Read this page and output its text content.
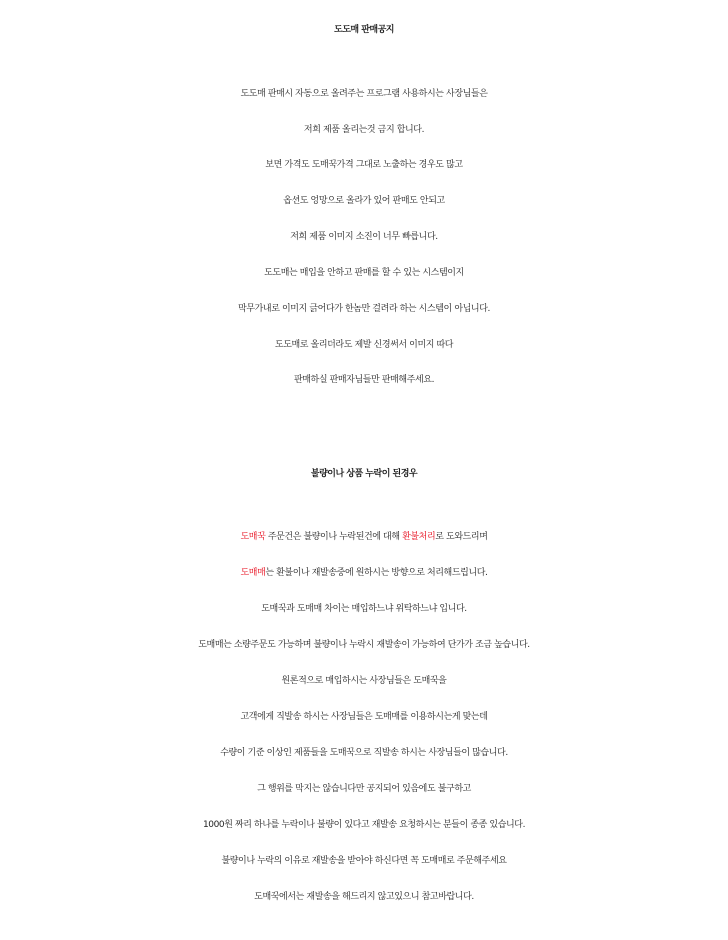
도도매 판매공지
도도매 판매시 자동으로 올려주는 프로그램 사용하시는 사장님들은
저희 제품 올리는것 금지 합니다.
보면 가격도 도매꾹가격 그대로 노출하는 경우도 많고
옵션도 엉망으로 올라가 있어 판매도 안되고
저희 제품 이미지 소진이 너무 빠릅니다.
도도매는 매입을 안하고 판매를 할 수 있는 시스템이지
막무가내로 이미지 긁어다가 한놈만 걸려라 하는 시스템이 아닙니다.
도도매로 올리더라도 제발 신경써서 이미지 따다
판매하실 판매자님들만 판매해주세요.
불량이나 상품 누락이 된경우
도매꾹 주문건은 불량이나 누락된건에 대해 환불처리로 도와드리며
도매매는 환불이나 재발송중에 원하시는 방향으로 처리해드립니다.
도매꾹과 도매매 차이는 매입하느냐 위탁하느냐 입니다.
도매매는 소량주문도 가능하며 불량이나 누락시 재발송이 가능하여 단가가 조금 높습니다.
원론적으로 매입하시는 사장님들은 도매꾹을
고객에게 직발송 하시는 사장님들은 도매매를 이용하시는게 맞는데
수량이 기준 이상인 제품들을 도매꾹으로 직발송 하시는 사장님들이 많습니다.
그 행위를 막지는 않습니다만 공지되어 있음에도 불구하고
1000원 짜리 하나를 누락이나 불량이 있다고 재발송 요청하시는 분들이 종종 있습니다.
불량이나 누락의 이유로 재발송을 받아야 하신다면 꼭 도매매로 주문해주세요
도매꾹에서는 재발송을 해드리지 않고있으니 참고바랍니다.
